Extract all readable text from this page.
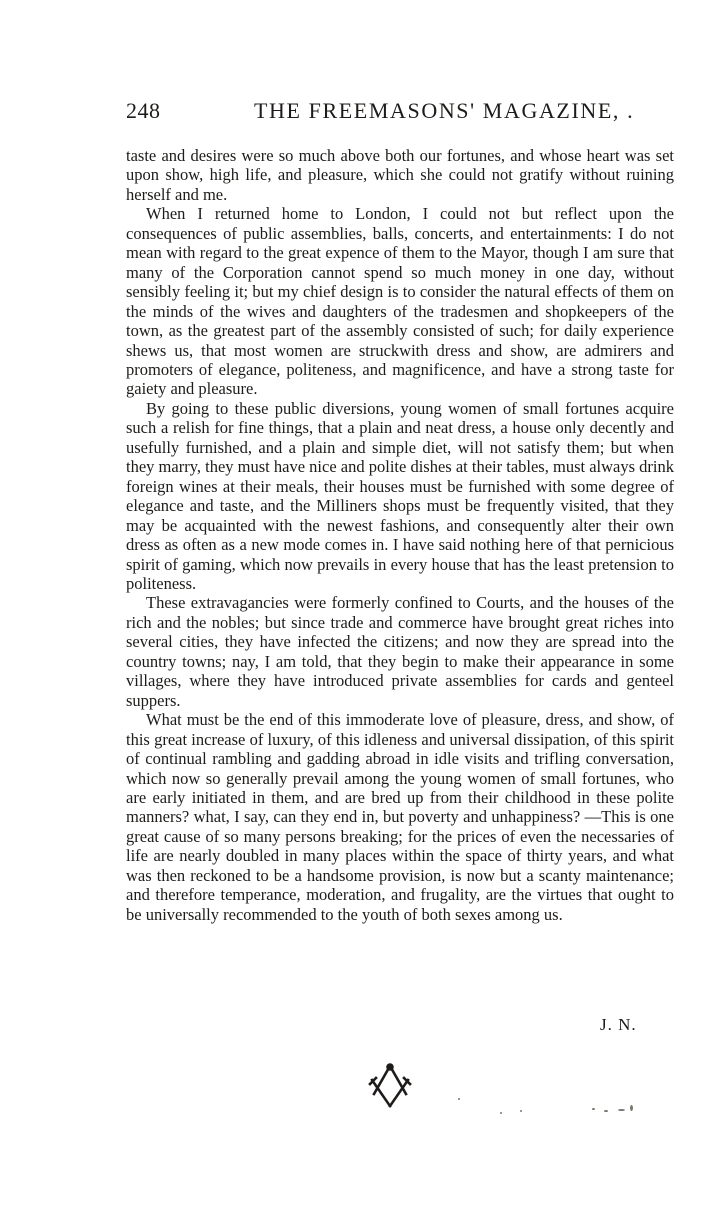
248	THE FREEMASONS' MAGAZINE, .

taste and desires were so much above both our fortunes, and whose heart was set upon show, high life, and pleasure, which she could not gratify without ruining herself and me.

When I returned home to London, I could not but reflect upon the consequences of public assemblies, balls, concerts, and entertainments: I do not mean with regard to the great expence of them to the Mayor, though I am sure that many of the Corporation cannot spend so much money in one day, without sensibly feeling it; but my chief design is to consider the natural effects of them on the minds of the wives and daughters of the tradesmen and shopkeepers of the town, as the greatest part of the assembly consisted of such; for daily experience shews us, that most women are struckwith dress and show, are admirers and promoters of elegance, politeness, and magnificence, and have a strong taste for gaiety and pleasure.

By going to these public diversions, young women of small fortunes acquire such a relish for fine things, that a plain and neat dress, a house only decently and usefully furnished, and a plain and simple diet, will not satisfy them; but when they marry, they must have nice and polite dishes at their tables, must always drink foreign wines at their meals, their houses must be furnished with some degree of elegance and taste, and the Milliners shops must be frequently visited, that they may be acquainted with the newest fashions, and consequently alter their own dress as often as a new mode comes in. I have said nothing here of that pernicious spirit of gaming, which now prevails in every house that has the least pretension to politeness.

These extravagancies were formerly confined to Courts, and the houses of the rich and the nobles; but since trade and commerce have brought great riches into several cities, they have infected the citizens; and now they are spread into the country towns; nay, I am told, that they begin to make their appearance in some villages, where they have introduced private assemblies for cards and genteel suppers.

What must be the end of this immoderate love of pleasure, dress, and show, of this great increase of luxury, of this idleness and universal dissipation, of this spirit of continual rambling and gadding abroad in idle visits and trifling conversation, which now so generally prevail among the young women of small fortunes, who are early initiated in them, and are bred up from their childhood in these polite manners? what, I say, can they end in, but poverty and unhappiness? —This is one great cause of so many persons breaking; for the prices of even the necessaries of life are nearly doubled in many places within the space of thirty years, and what was then reckoned to be a handsome provision, is now but a scanty maintenance; and therefore temperance, moderation, and frugality, are the virtues that ought to be universally recommended to the youth of both sexes among us.

J. N.
